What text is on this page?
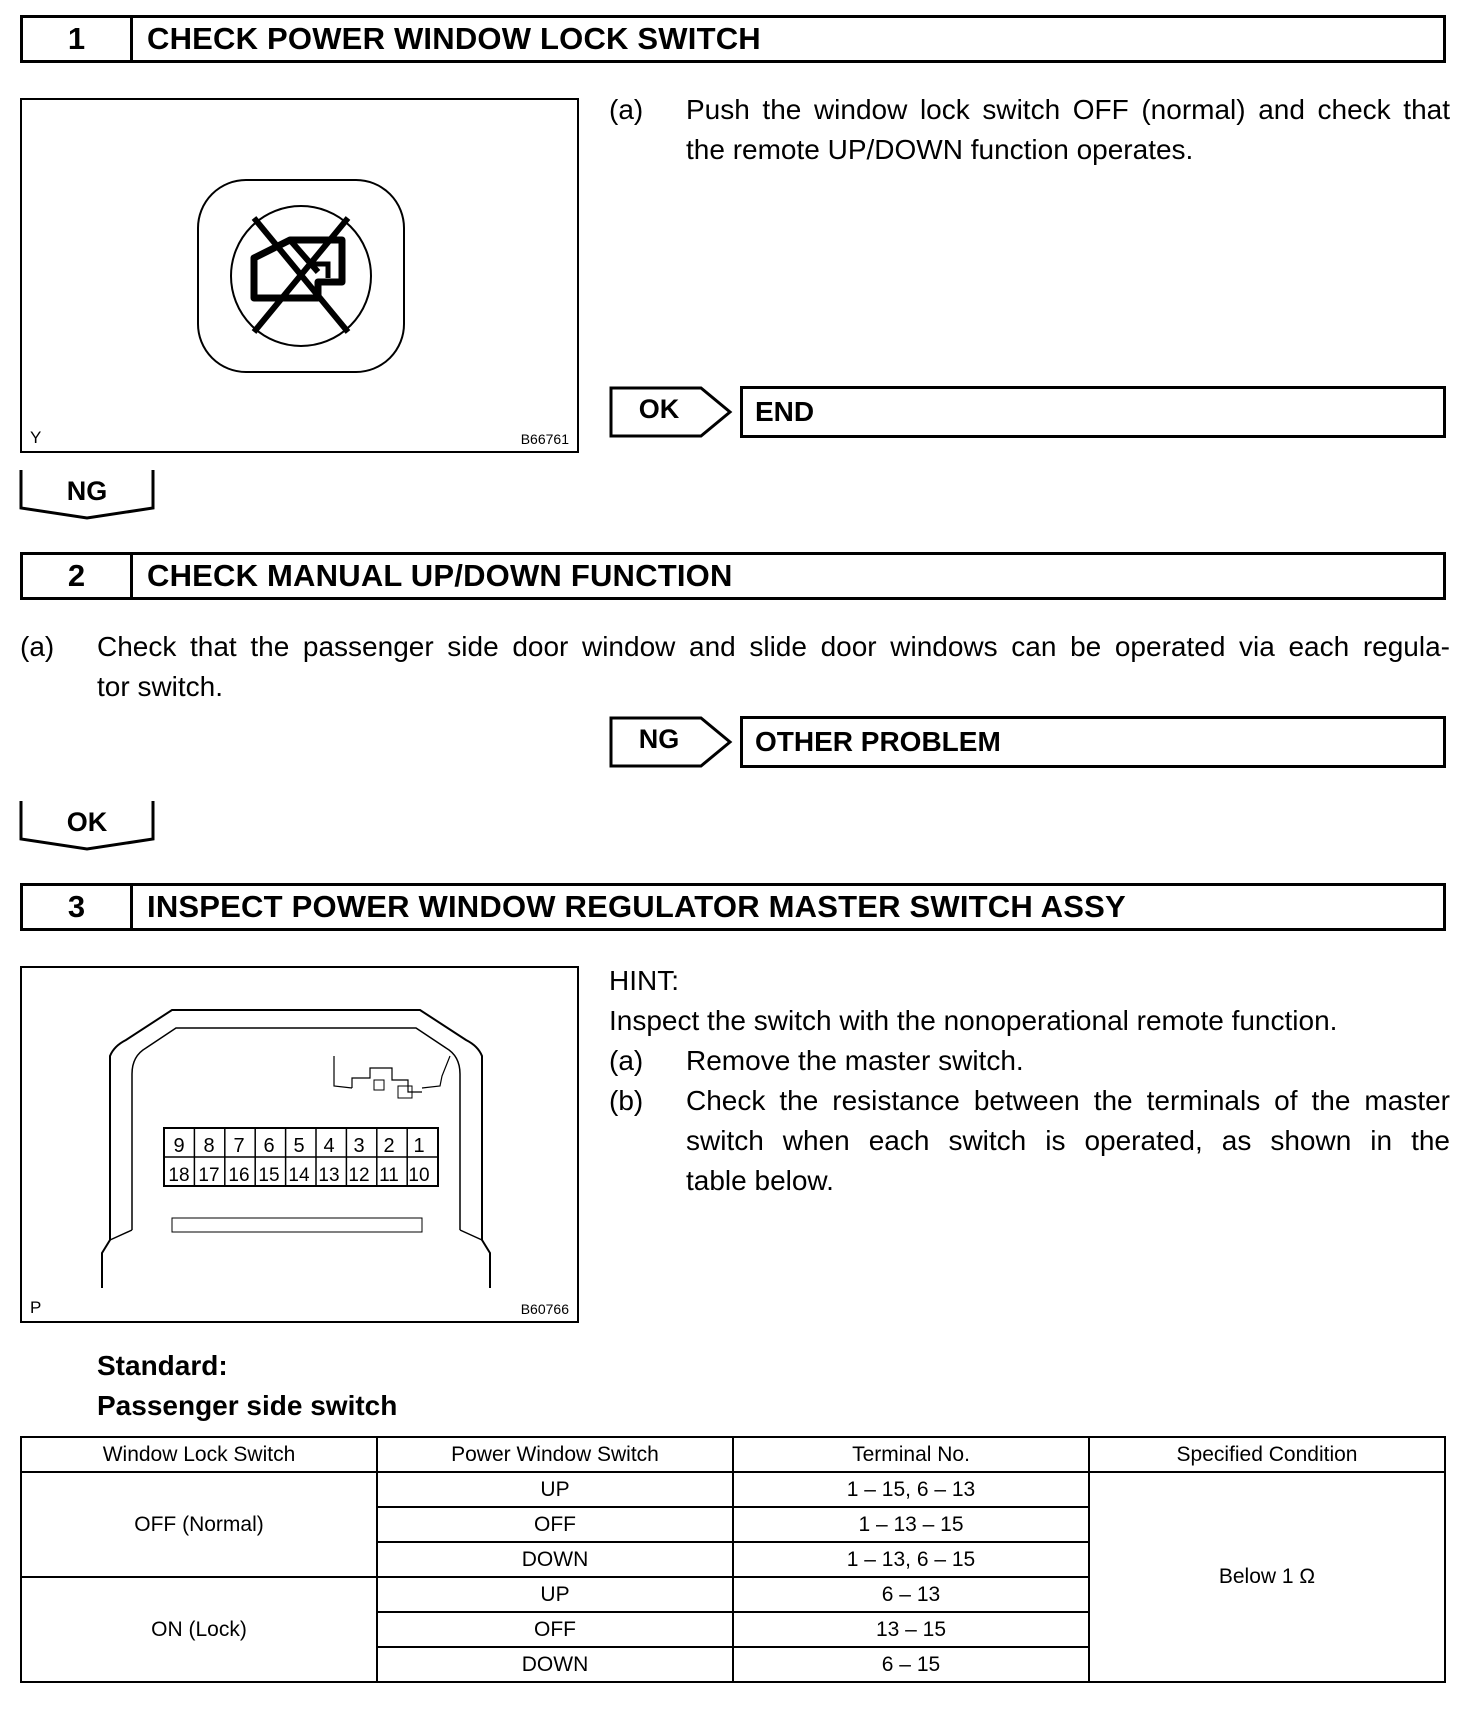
1	CHECK POWER WINDOW LOCK SWITCH
Y	B66761
(a) Push the window lock switch OFF (normal) and check that
the remote UP/DOWN function operates.
OK	END
NG
2	CHECK MANUAL UP/DOWN FUNCTION
(a) Check that the passenger side door window and slide door windows can be operated via each regula-
tor switch.
NG	OTHER PROBLEM
OK
3	INSPECT POWER WINDOW REGULATOR MASTER SWITCH ASSY
9 8 7 6 5 4 3 2 1
18 17 16 15 14 13 12 11 10
P	B60766
HINT:
Inspect the switch with the nonoperational remote function.
(a) Remove the master switch.
(b) Check the resistance between the terminals of the master
switch when each switch is operated, as shown in the
table below.
Standard:
Passenger side switch
Window Lock Switch	Power Window Switch	Terminal No.	Specified Condition
OFF (Normal)	UP	1 – 15, 6 – 13	Below 1 Ω
	OFF	1 – 13 – 15	
	DOWN	1 – 13, 6 – 15	
ON (Lock)	UP	6 – 13	
	OFF	13 – 15	
	DOWN	6 – 15	
